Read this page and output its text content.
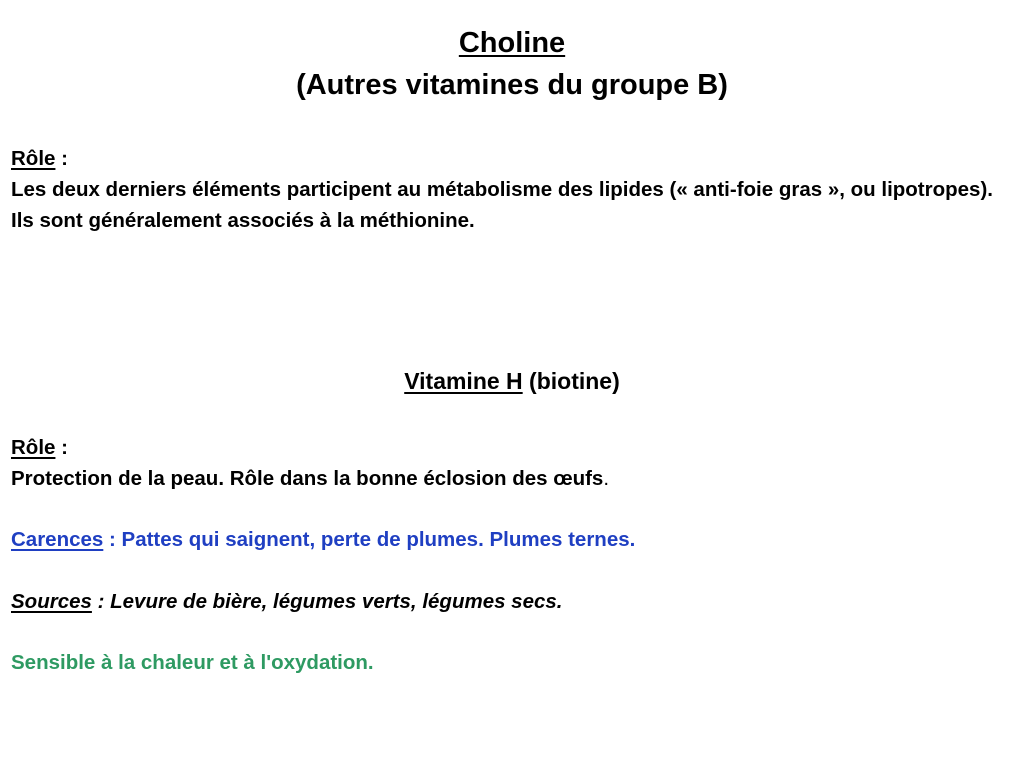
Choline
(Autres vitamines du groupe B)
Rôle :
Les deux derniers éléments participent au métabolisme des lipides (« anti-foie gras », ou lipotropes).
Ils sont généralement associés à la méthionine.
Vitamine H (biotine)
Rôle :
Protection de la peau. Rôle dans la bonne éclosion des œufs.
Carences : Pattes qui saignent, perte de plumes. Plumes ternes.
Sources : Levure de bière, légumes verts, légumes secs.
Sensible à la chaleur et à l'oxydation.
